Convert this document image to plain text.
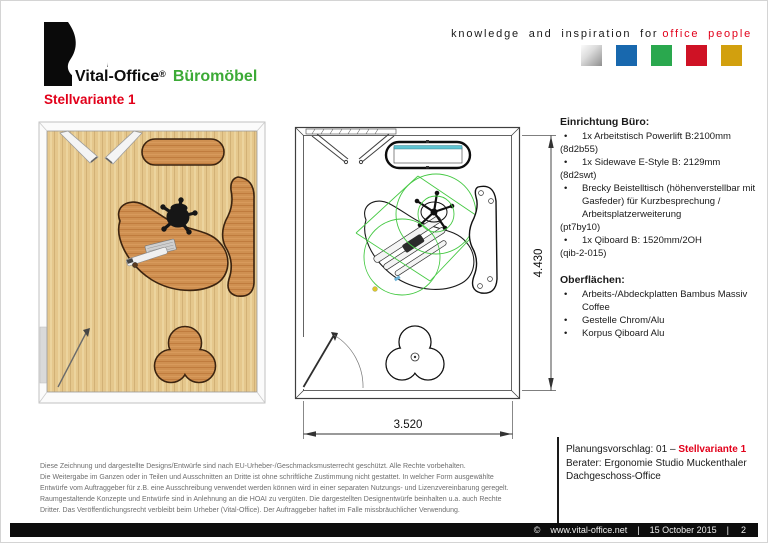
Vital-Office® Büromöbel
knowledge and inspiration for office people
Stellvariante 1
3.520
4.430
Einrichtung Büro:
•	1x Arbeitstisch Powerlift B:2100mm
(8d2b55)
•	1x Sidewave E-Style B: 2129mm
(8d2swt)
•	Brecky Beistelltisch (höhenverstellbar mit Gasfeder) für Kurzbesprechung / Arbeitsplatzerweiterung
(pt7by10)
•	1x Qiboard B: 1520mm/2OH
(qib-2-015)
Oberflächen:
•	Arbeits-/Abdeckplatten Bambus Massiv Coffee
•	Gestelle Chrom/Alu
•	Korpus Qiboard Alu
Planungsvorschlag: 01 – Stellvariante 1
Berater: Ergonomie Studio Muckenthaler
Dachgeschoss-Office
Diese Zeichnung und dargestellte Designs/Entwürfe sind nach EU-Urheber-/Geschmacksmusterrecht geschützt. Alle Rechte vorbehalten.
Die Weitergabe im Ganzen oder in Teilen und Ausschnitten an Dritte ist ohne schriftliche Zustimmung nicht gestattet. In welcher Form ausgewählte
Entwürfe vom Auftraggeber für z.B. eine Ausschreibung verwendet werden können wird in einer separaten Nutzungs- und Lizenzvereinbarung geregelt.
Raumgestaltende Konzepte und Entwürfe sind in Anlehnung an die HOAI zu vergüten. Die dargestellten Designentwürfe beinhalten u.a. auch Rechte
Dritter. Das Veröffentlichungsrecht verbleibt beim Urheber (Vital-Office). Der Auftraggeber haftet im Falle missbräuchlicher Verwendung.
© www.vital-office.net | 15 October 2015 | 2
